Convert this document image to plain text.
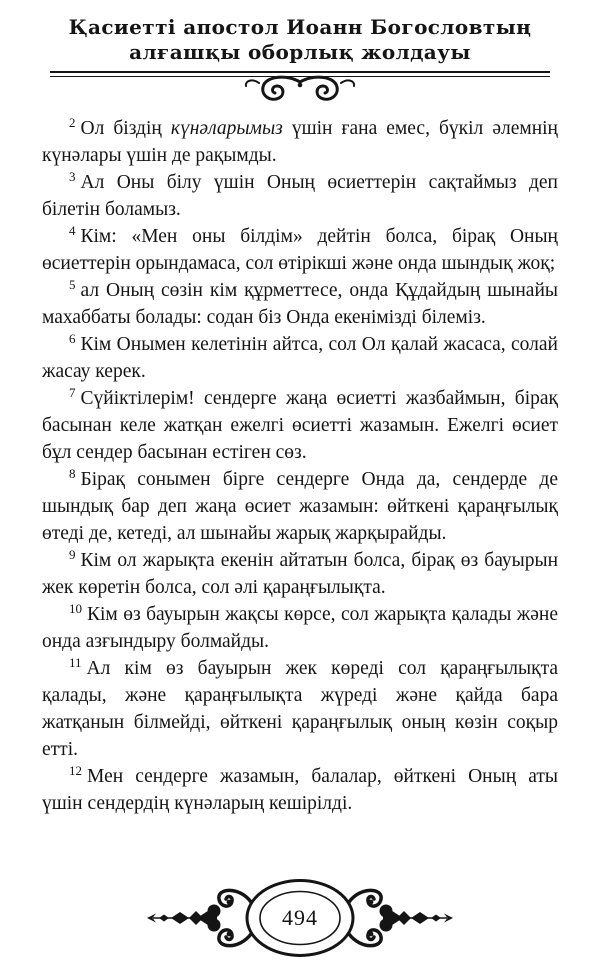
Қасиетті апостол Иоанн Богословтың
алғашқы оборлық жолдауы

$^2$ Ол біздің күнәларымыз үшін ғана емес, бүкіл әлемнің күнәлары үшін де рақымды.

$^3$ Ал Оны білу үшін Оның өсиеттерін сақтаймыз деп білетін боламыз.

$^4$ Кім: «Мен оны білдім» дейтін болса, бірақ Оның өсиеттерін орындамаса, сол өтірікші және онда шындық жоқ;

$^5$ ал Оның сөзін кім құрметтесе, онда Құдайдың шынайы махаббаты болады: содан біз Онда екенімізді білеміз.

$^6$ Кім Онымен келетінін айтса, сол Ол қалай жасаса, солай жасау керек.

$^7$ Сүйіктілерім! сендерге жаңа өсиетті жазбаймын, бірақ басынан келе жатқан ежелгі өсиетті жазамын. Ежелгі өсиет бұл сендер басынан естіген сөз.

$^8$ Бірақ сонымен бірге сендерге Онда да, сендерде де шындық бар деп жаңа өсиет жазамын: өйткені қараңғылық өтеді де, кетеді, ал шынайы жарық жарқырайды.

$^9$ Кім ол жарықта екенін айтатын болса, бірақ өз бауырын жек көретін болса, сол әлі қараңғылықта.

$^{10}$ Кім өз бауырын жақсы көрсе, сол жарықта қалады және онда азғындыру болмайды.

$^{11}$ Ал кім өз бауырын жек көреді сол қараңғылықта қалады, және қараңғылықта жүреді және қайда бара жатқанын білмейді, өйткені қараңғылық оның көзін соқыр етті.

$^{12}$ Мен сендерге жазамын, балалар, өйткені Оның аты үшін сендердің күнәларың кешірілді.

494
